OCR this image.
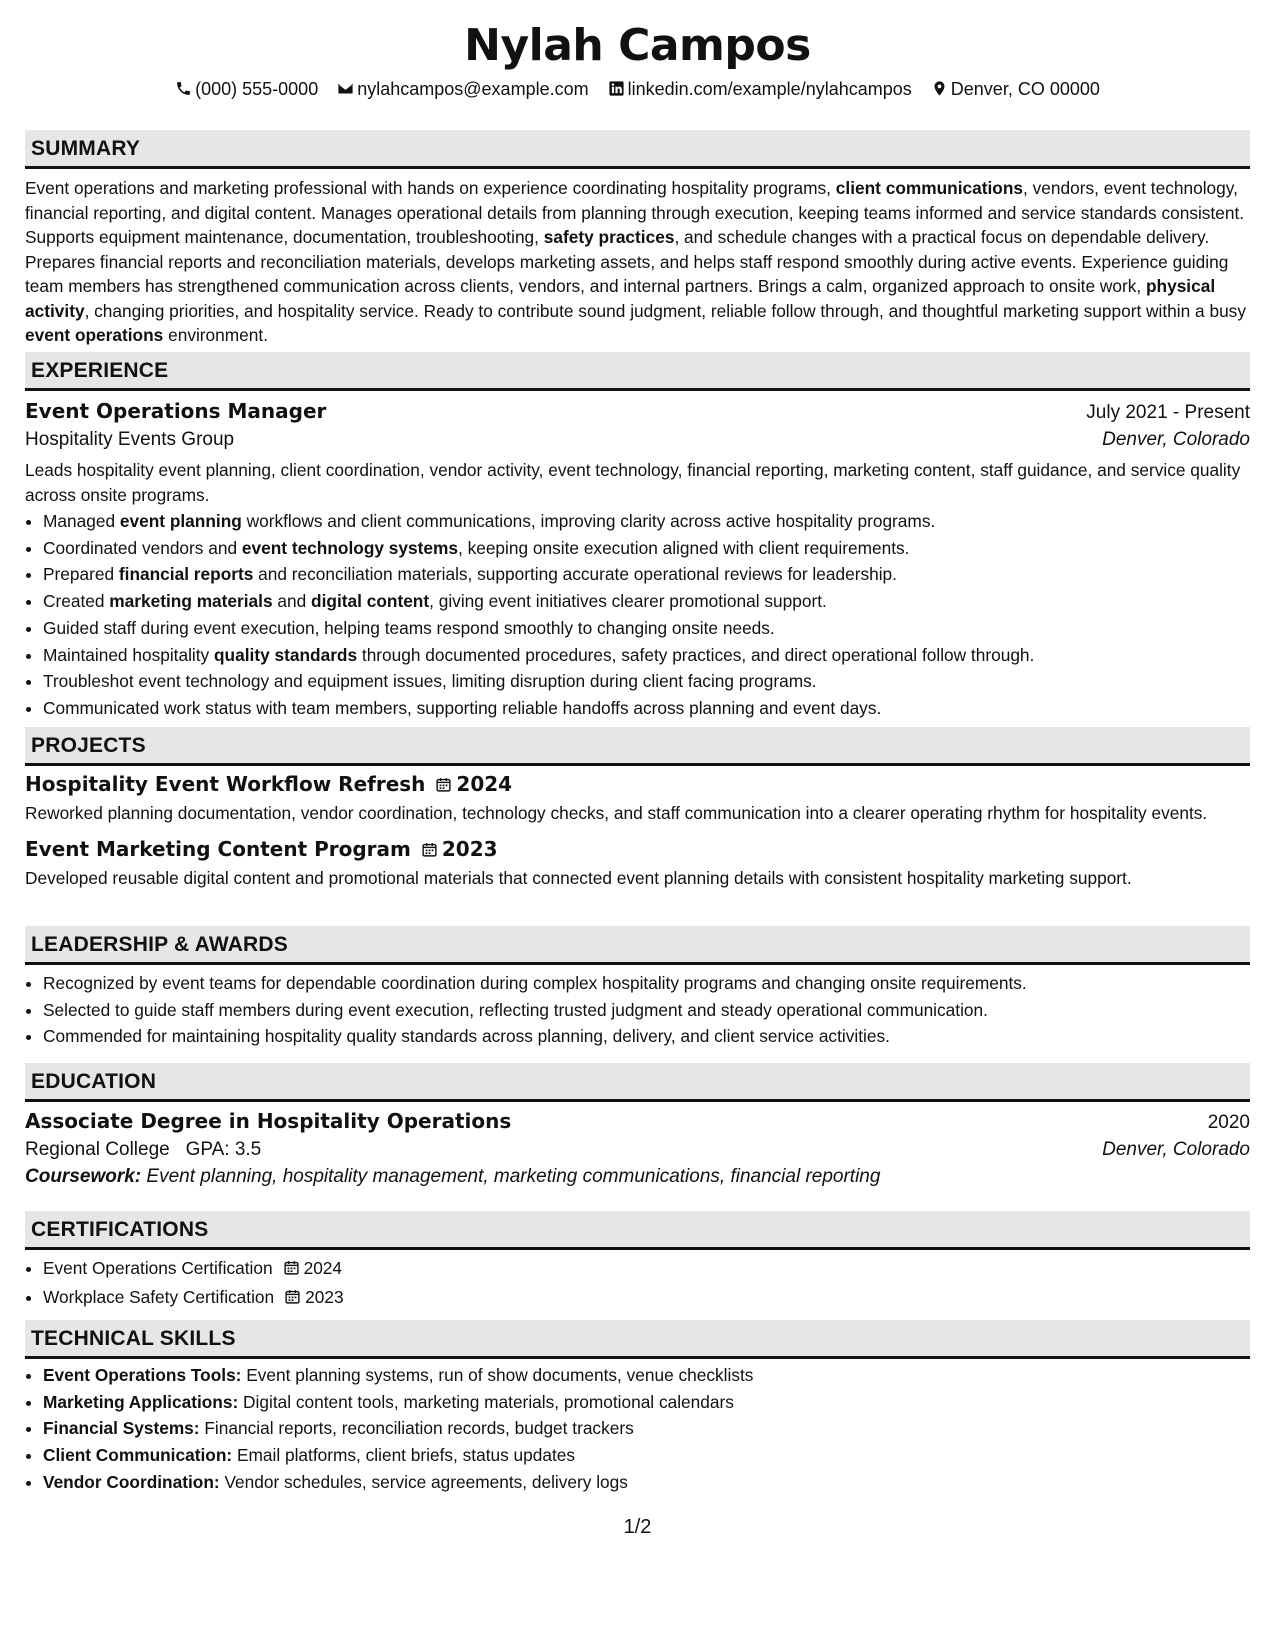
Nylah Campos
(000) 555-0000 nylahcampos@example.com linkedin.com/example/nylahcampos Denver, CO 00000
SUMMARY

Event operations and marketing professional with hands on experience coordinating hospitality programs, client communications, vendors, event technology, financial reporting, and digital content. Manages operational details from planning through execution, keeping teams informed and service standards consistent. Supports equipment maintenance, documentation, troubleshooting, safety practices, and schedule changes with a practical focus on dependable delivery. Prepares financial reports and reconciliation materials, develops marketing assets, and helps staff respond smoothly during active events. Experience guiding team members has strengthened communication across clients, vendors, and internal partners. Brings a calm, organized approach to onsite work, physical activity, changing priorities, and hospitality service. Ready to contribute sound judgment, reliable follow through, and thoughtful marketing support within a busy event operations environment.

EXPERIENCE
Event Operations Manager	July 2021 - Present
Hospitality Events Group	Denver, Colorado

Leads hospitality event planning, client coordination, vendor activity, event technology, financial reporting, marketing content, staff guidance, and service quality across onsite programs.

• Managed event planning workflows and client communications, improving clarity across active hospitality programs.
• Coordinated vendors and event technology systems, keeping onsite execution aligned with client requirements.
• Prepared financial reports and reconciliation materials, supporting accurate operational reviews for leadership.
• Created marketing materials and digital content, giving event initiatives clearer promotional support.
• Guided staff during event execution, helping teams respond smoothly to changing onsite needs.
• Maintained hospitality quality standards through documented procedures, safety practices, and direct operational follow through.
• Troubleshot event technology and equipment issues, limiting disruption during client facing programs.
• Communicated work status with team members, supporting reliable handoffs across planning and event days.
PROJECTS
Hospitality Event Workflow Refresh 2024

Reworked planning documentation, vendor coordination, technology checks, and staff communication into a clearer operating rhythm for hospitality events.

Event Marketing Content Program 2023

Developed reusable digital content and promotional materials that connected event planning details with consistent hospitality marketing support.

LEADERSHIP & AWARDS
• Recognized by event teams for dependable coordination during complex hospitality programs and changing onsite requirements.
• Selected to guide staff members during event execution, reflecting trusted judgment and steady operational communication.
• Commended for maintaining hospitality quality standards across planning, delivery, and client service activities.
EDUCATION
Associate Degree in Hospitality Operations	2020
Regional College GPA: 3.5	Denver, Colorado
Coursework: Event planning, hospitality management, marketing communications, financial reporting
CERTIFICATIONS
• Event Operations Certification 2024
• Workplace Safety Certification 2023
TECHNICAL SKILLS
• Event Operations Tools: Event planning systems, run of show documents, venue checklists
• Marketing Applications: Digital content tools, marketing materials, promotional calendars
• Financial Systems: Financial reports, reconciliation records, budget trackers
• Client Communication: Email platforms, client briefs, status updates
• Vendor Coordination: Vendor schedules, service agreements, delivery logs
1/2
